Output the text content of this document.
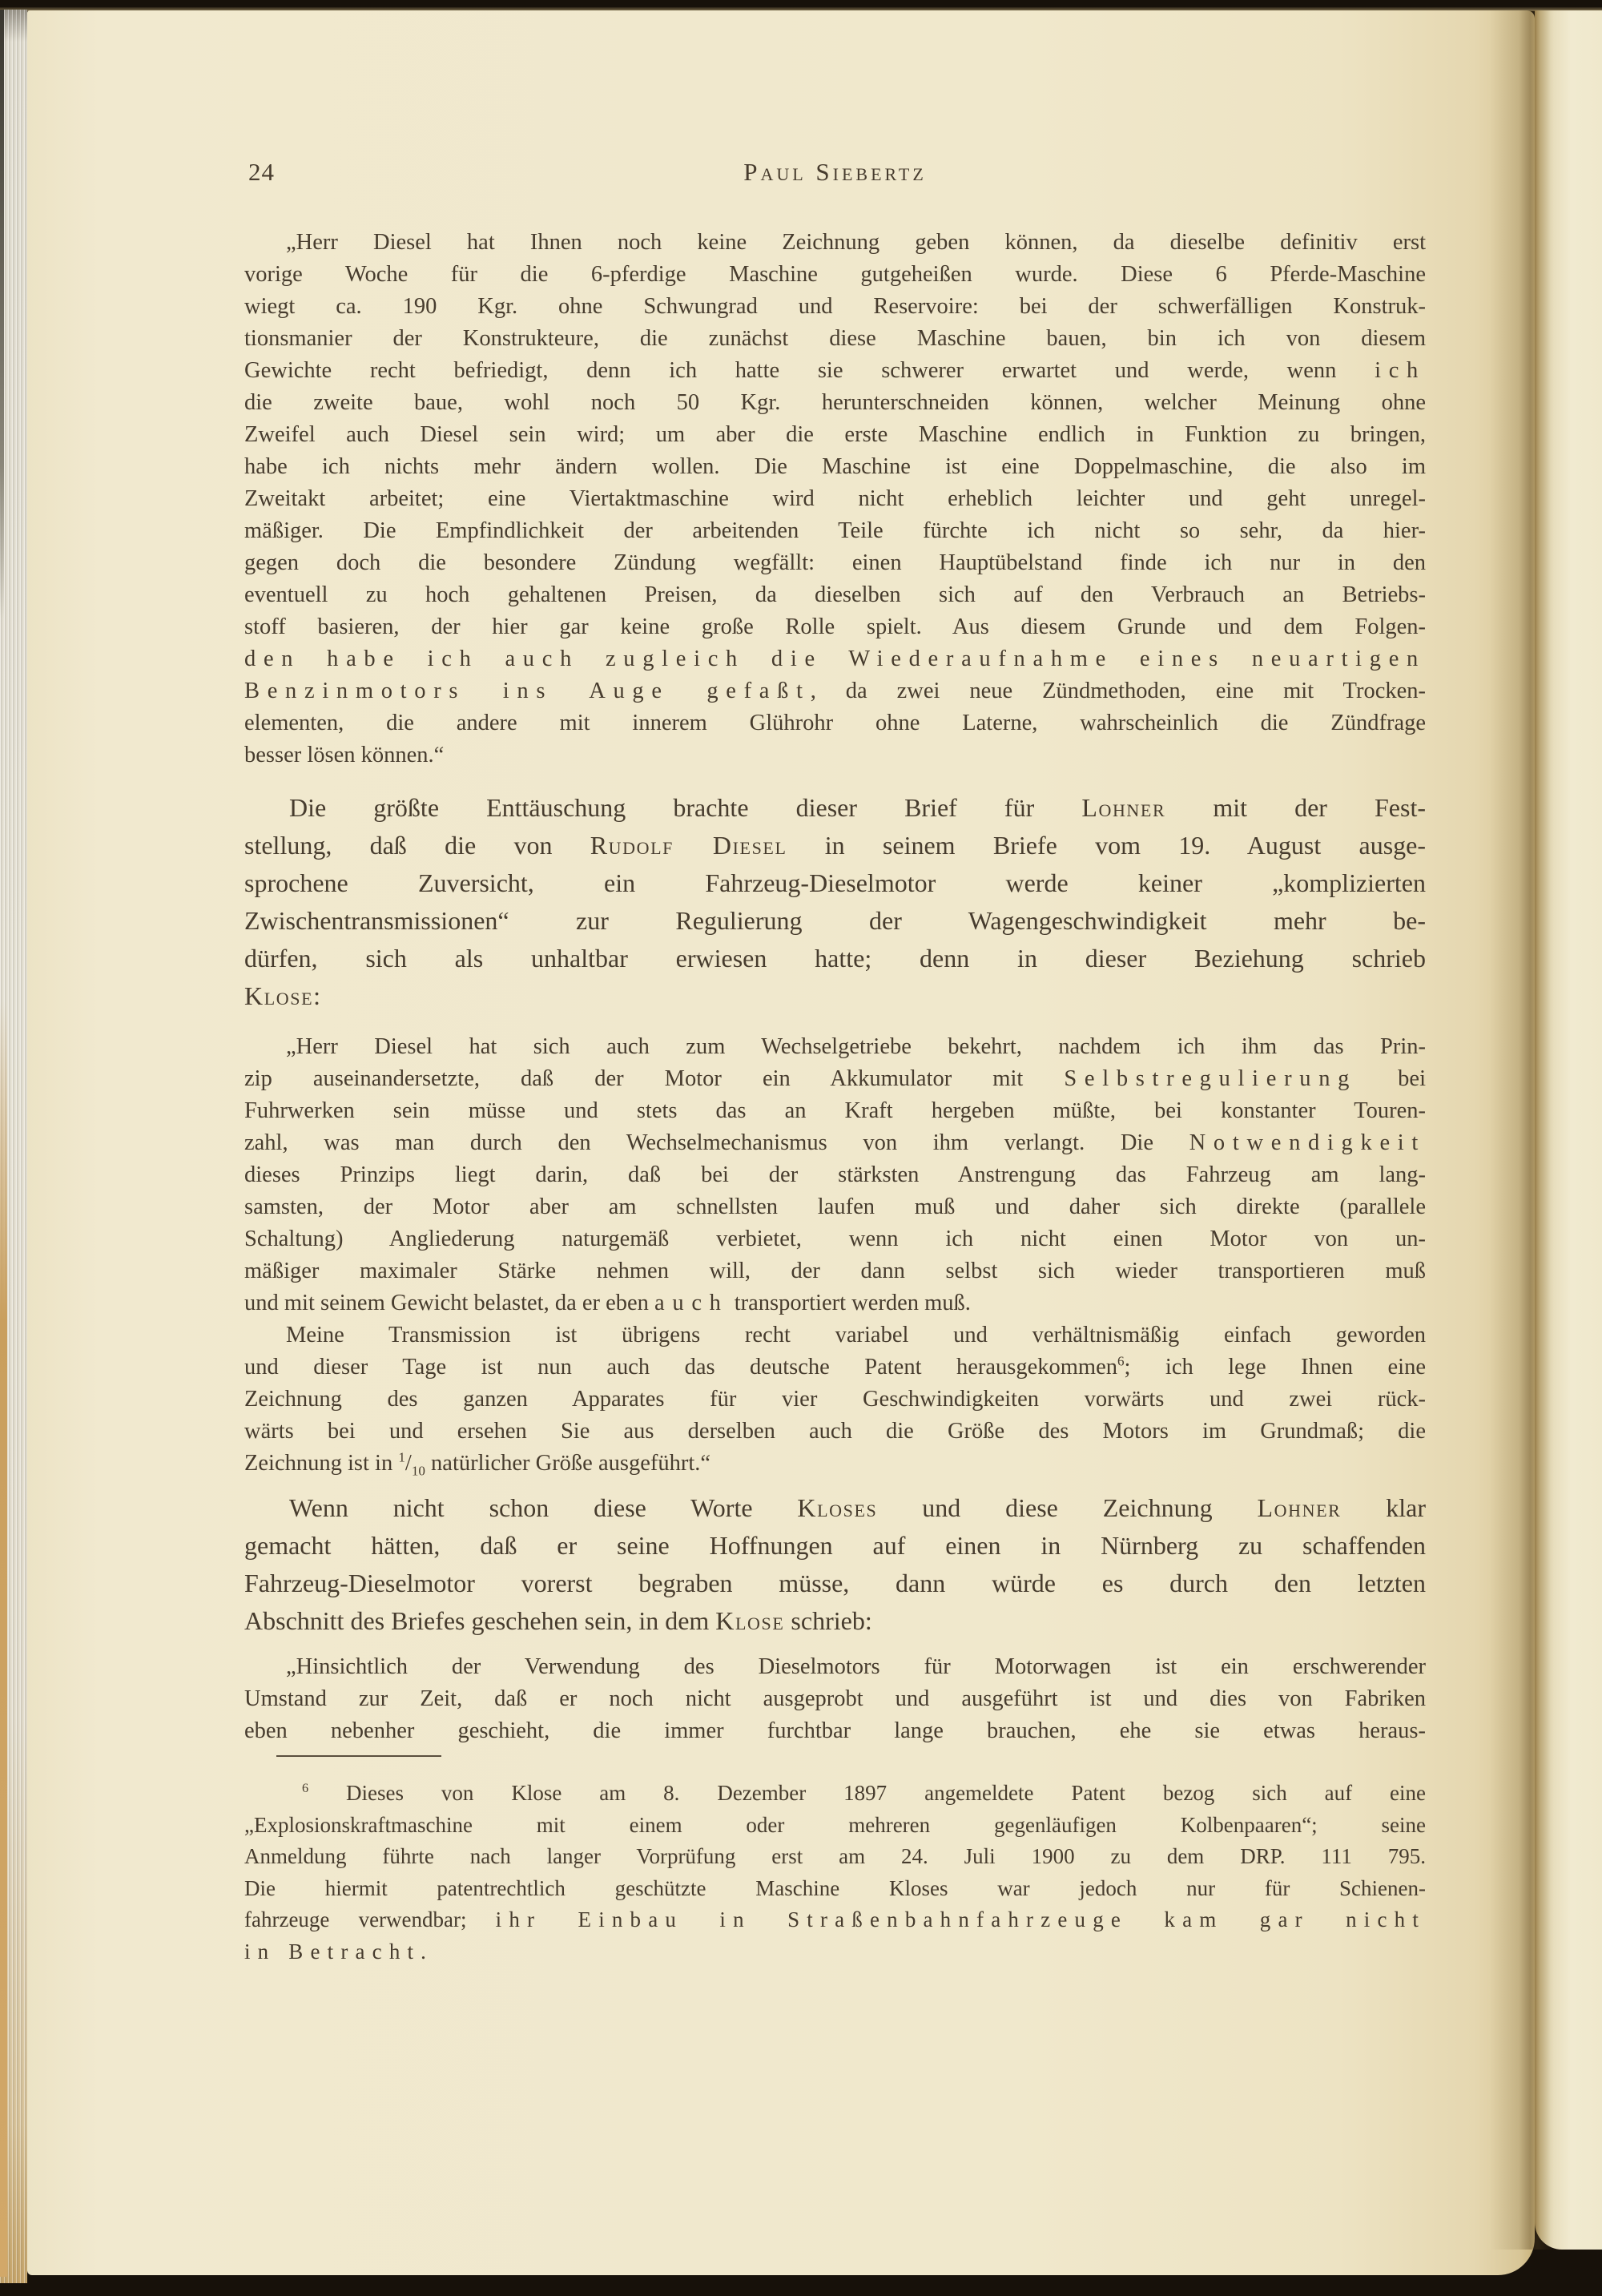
24	Paul Siebertz
„Herr Diesel hat Ihnen noch keine Zeichnung geben können, da dieselbe definitiv erst
vorige Woche für die 6-pferdige Maschine gutgeheißen wurde. Diese 6 Pferde-Maschine
wiegt ca. 190 Kgr. ohne Schwungrad und Reservoire: bei der schwerfälligen Konstruk-
tionsmanier der Konstrukteure, die zunächst diese Maschine bauen, bin ich von diesem
Gewichte recht befriedigt, denn ich hatte sie schwerer erwartet und werde, wenn ich
die zweite baue, wohl noch 50 Kgr. herunterschneiden können, welcher Meinung ohne
Zweifel auch Diesel sein wird; um aber die erste Maschine endlich in Funktion zu bringen,
habe ich nichts mehr ändern wollen. Die Maschine ist eine Doppelmaschine, die also im
Zweitakt arbeitet; eine Viertaktmaschine wird nicht erheblich leichter und geht unregel-
mäßiger. Die Empfindlichkeit der arbeitenden Teile fürchte ich nicht so sehr, da hier-
gegen doch die besondere Zündung wegfällt: einen Hauptübelstand finde ich nur in den
eventuell zu hoch gehaltenen Preisen, da dieselben sich auf den Verbrauch an Betriebs-
stoff basieren, der hier gar keine große Rolle spielt. Aus diesem Grunde und dem Folgen-
den habe ich auch zugleich die Wiederaufnahme eines neuartigen
Benzinmotors ins Auge gefaßt, da zwei neue Zündmethoden, eine mit Trocken-
elementen, die andere mit innerem Glührohr ohne Laterne, wahrscheinlich die Zündfrage
besser lösen können.“
Die größte Enttäuschung brachte dieser Brief für Lohner mit der Fest-
stellung, daß die von Rudolf Diesel in seinem Briefe vom 19. August ausge-
sprochene Zuversicht, ein Fahrzeug-Dieselmotor werde keiner „komplizierten
Zwischentransmissionen“ zur Regulierung der Wagengeschwindigkeit mehr be-
dürfen, sich als unhaltbar erwiesen hatte; denn in dieser Beziehung schrieb
Klose:
„Herr Diesel hat sich auch zum Wechselgetriebe bekehrt, nachdem ich ihm das Prin-
zip auseinandersetzte, daß der Motor ein Akkumulator mit Selbstregulierung bei
Fuhrwerken sein müsse und stets das an Kraft hergeben müßte, bei konstanter Touren-
zahl, was man durch den Wechselmechanismus von ihm verlangt. Die Notwendigkeit
dieses Prinzips liegt darin, daß bei der stärksten Anstrengung das Fahrzeug am lang-
samsten, der Motor aber am schnellsten laufen muß und daher sich direkte (parallele
Schaltung) Angliederung naturgemäß verbietet, wenn ich nicht einen Motor von un-
mäßiger maximaler Stärke nehmen will, der dann selbst sich wieder transportieren muß
und mit seinem Gewicht belastet, da er eben auch transportiert werden muß.
Meine Transmission ist übrigens recht variabel und verhältnismäßig einfach geworden
und dieser Tage ist nun auch das deutsche Patent herausgekommen$^6$; ich lege Ihnen eine
Zeichnung des ganzen Apparates für vier Geschwindigkeiten vorwärts und zwei rück-
wärts bei und ersehen Sie aus derselben auch die Größe des Motors im Grundmaß; die
Zeichnung ist in $^1/_{10}$ natürlicher Größe ausgeführt.“
Wenn nicht schon diese Worte Kloses und diese Zeichnung Lohner klar
gemacht hätten, daß er seine Hoffnungen auf einen in Nürnberg zu schaffenden
Fahrzeug-Dieselmotor vorerst begraben müsse, dann würde es durch den letzten
Abschnitt des Briefes geschehen sein, in dem Klose schrieb:
„Hinsichtlich der Verwendung des Dieselmotors für Motorwagen ist ein erschwerender
Umstand zur Zeit, daß er noch nicht ausgeprobt und ausgeführt ist und dies von Fabriken
eben nebenher geschieht, die immer furchtbar lange brauchen, ehe sie etwas heraus-
$^6$ Dieses von Klose am 8. Dezember 1897 angemeldete Patent bezog sich auf eine
„Explosionskraftmaschine mit einem oder mehreren gegenläufigen Kolbenpaaren“; seine
Anmeldung führte nach langer Vorprüfung erst am 24. Juli 1900 zu dem DRP. 111 795.
Die hiermit patentrechtlich geschützte Maschine Kloses war jedoch nur für Schienen-
fahrzeuge verwendbar; ihr Einbau in Straßenbahnfahrzeuge kam gar nicht
in Betracht.
